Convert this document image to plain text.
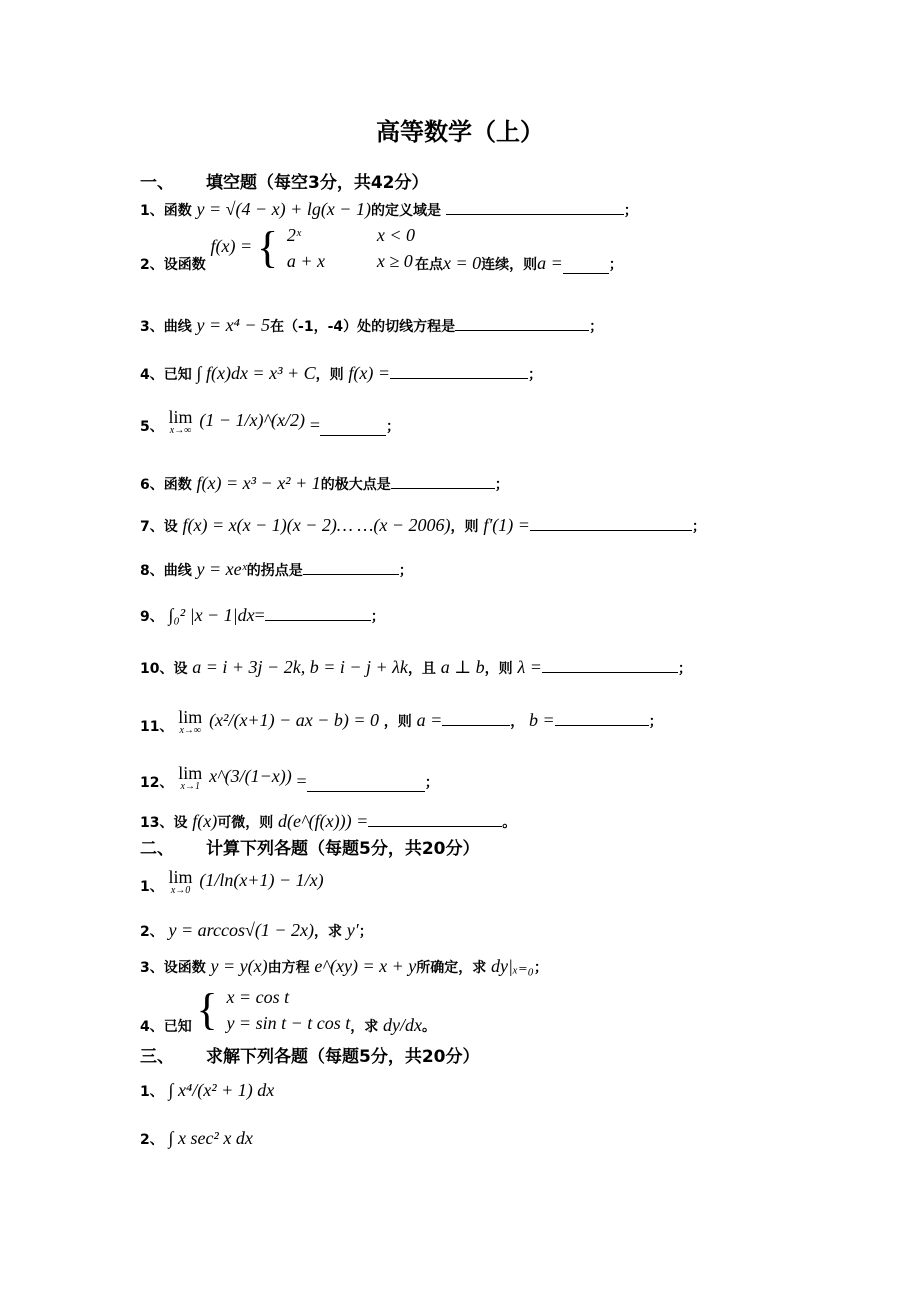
高等数学（上）
一、 填空题（每空3分，共42分）
1、函数 y = √(4 − x) + lg(x − 1)的定义域是	；
2、设函数 f(x) = { 2ˣ	x < 0
a + x	x ≥ 0 在点x = 0连续，则a =	；
3、曲线 y = x⁴ − 5在（-1，-4）处的切线方程是	；
4、已知 ∫ f(x)dx = x³ + C，则 f(x) =	；
5、 lim
x→∞
(1 − 1/x)^(x/2) =	；
6、函数 f(x) = x³ − x² + 1的极大点是	；
7、设 f(x) = x(x − 1)(x − 2)… …(x − 2006)，则 f′(1) =	；
8、曲线 y = xeˣ的拐点是	；
9、 ∫₀² |x − 1|dx=	；
10、设 a = i + 3j − 2k, b = i − j + λk，且 a ⊥ b，则 λ =	；
11、 lim
x→∞
(x²/(x+1) − ax − b) = 0 ，则 a =	， b =	；
12、 lim
x→1
x^(3/(1−x)) =	；
13、设 f(x)可微，则 d(e^(f(x))) =	。
二、 计算下列各题（每题5分，共20分）
1、 lim
x→0
(1/ln(x+1) − 1/x)
2、 y = arccos√(1 − 2x)，求 y′；
3、设函数 y = y(x)由方程 e^(xy) = x + y所确定，求 dy|ₓ₌₀；
4、已知 { x = cos t
y = sin t − t cos t ，求 dy/dx。
三、 求解下列各题（每题5分，共20分）
1、 ∫ x⁴/(x² + 1) dx
2、 ∫ x sec² x dx
